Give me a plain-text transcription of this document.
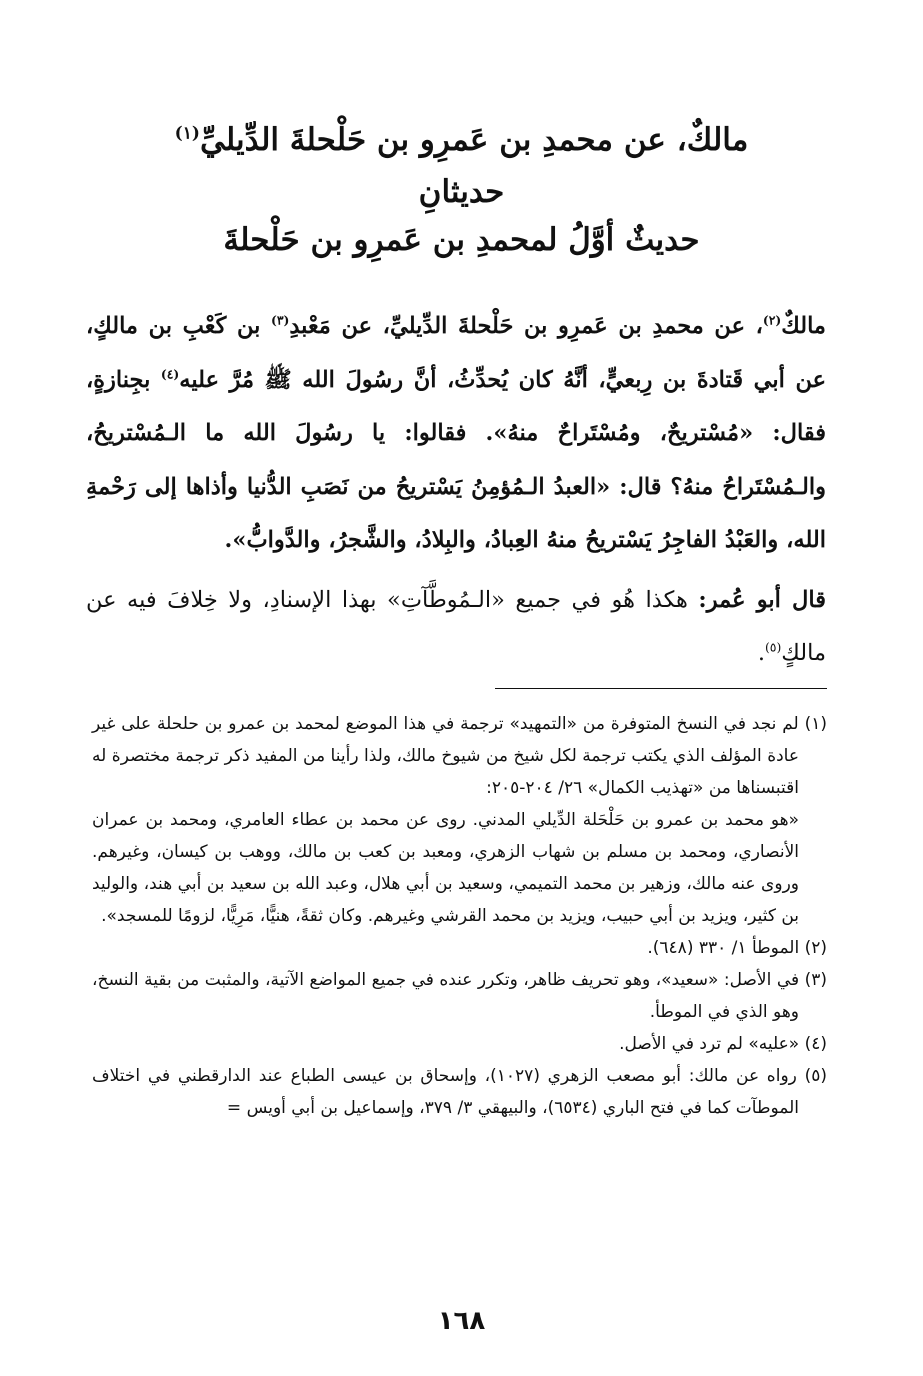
مالكٌ، عن محمدِ بن عَمرِو بن حَلْحلةَ الدِّيليِّ$^{(١)}$
حديثانِ
حديثٌ أوَّلُ لمحمدِ بن عَمرِو بن حَلْحلةَ

مالكٌ$^{(٢)}$، عن محمدِ بن عَمرِو بن حَلْحلةَ الدِّيليِّ، عن مَعْبدِ$^{(٣)}$ بن كَعْبِ بن مالكٍ، عن أبي قَتادةَ بن رِبعيٍّ، أنَّهُ كان يُحدِّثُ، أنَّ رسُولَ الله ﷺ مُرَّ عليه$^{(٤)}$ بجِنازةٍ، فقال: «مُسْتريحٌ، ومُسْتَراحٌ منهُ». فقالوا: يا رسُولَ الله ما الـمُسْتريحُ، والـمُسْتَراحُ منهُ؟ قال: «العبدُ الـمُؤمِنُ يَسْتريحُ من نَصَبِ الدُّنيا وأذاها إلى رَحْمةِ الله، والعَبْدُ الفاجِرُ يَسْتريحُ منهُ العِبادُ، والبِلادُ، والشَّجرُ، والدَّوابُّ».

قال أبو عُمر: هكذا هُو في جميع «الـمُوطَّآتِ» بهذا الإسنادِ، ولا خِلافَ فيه عن مالكٍ$^{(٥)}$.

(١) لم نجد في النسخ المتوفرة من «التمهيد» ترجمة في هذا الموضع لمحمد بن عمرو بن حلحلة على غير عادة المؤلف الذي يكتب ترجمة لكل شيخ من شيوخ مالك، ولذا رأينا من المفيد ذكر ترجمة مختصرة له اقتبسناها من «تهذيب الكمال» ٢٦/ ٢٠٤-٢٠٥:

«هو محمد بن عمرو بن حَلْحَلة الدِّيلي المدني. روى عن محمد بن عطاء العامري، ومحمد بن عمران الأنصاري، ومحمد بن مسلم بن شهاب الزهري، ومعبد بن كعب بن مالك، ووهب بن كيسان، وغيرهم. وروى عنه مالك، وزهير بن محمد التميمي، وسعيد بن أبي هلال، وعبد الله بن سعيد بن أبي هند، والوليد بن كثير، ويزيد بن أبي حبيب، ويزيد بن محمد القرشي وغيرهم. وكان ثقةً، هنيًّا، مَرِيًّا، لزومًا للمسجد».

(٢) الموطأ ١/ ٣٣٠ (٦٤٨).

(٣) في الأصل: «سعيد»، وهو تحريف ظاهر، وتكرر عنده في جميع المواضع الآتية، والمثبت من بقية النسخ، وهو الذي في الموطأ.

(٤) «عليه» لم ترد في الأصل.

(٥) رواه عن مالك: أبو مصعب الزهري (١٠٢٧)، وإسحاق بن عيسى الطباع عند الدارقطني في اختلاف الموطآت كما في فتح الباري (٦٥٣٤)، والبيهقي ٣/ ٣٧٩، وإسماعيل بن أبي أويس =

١٦٨
